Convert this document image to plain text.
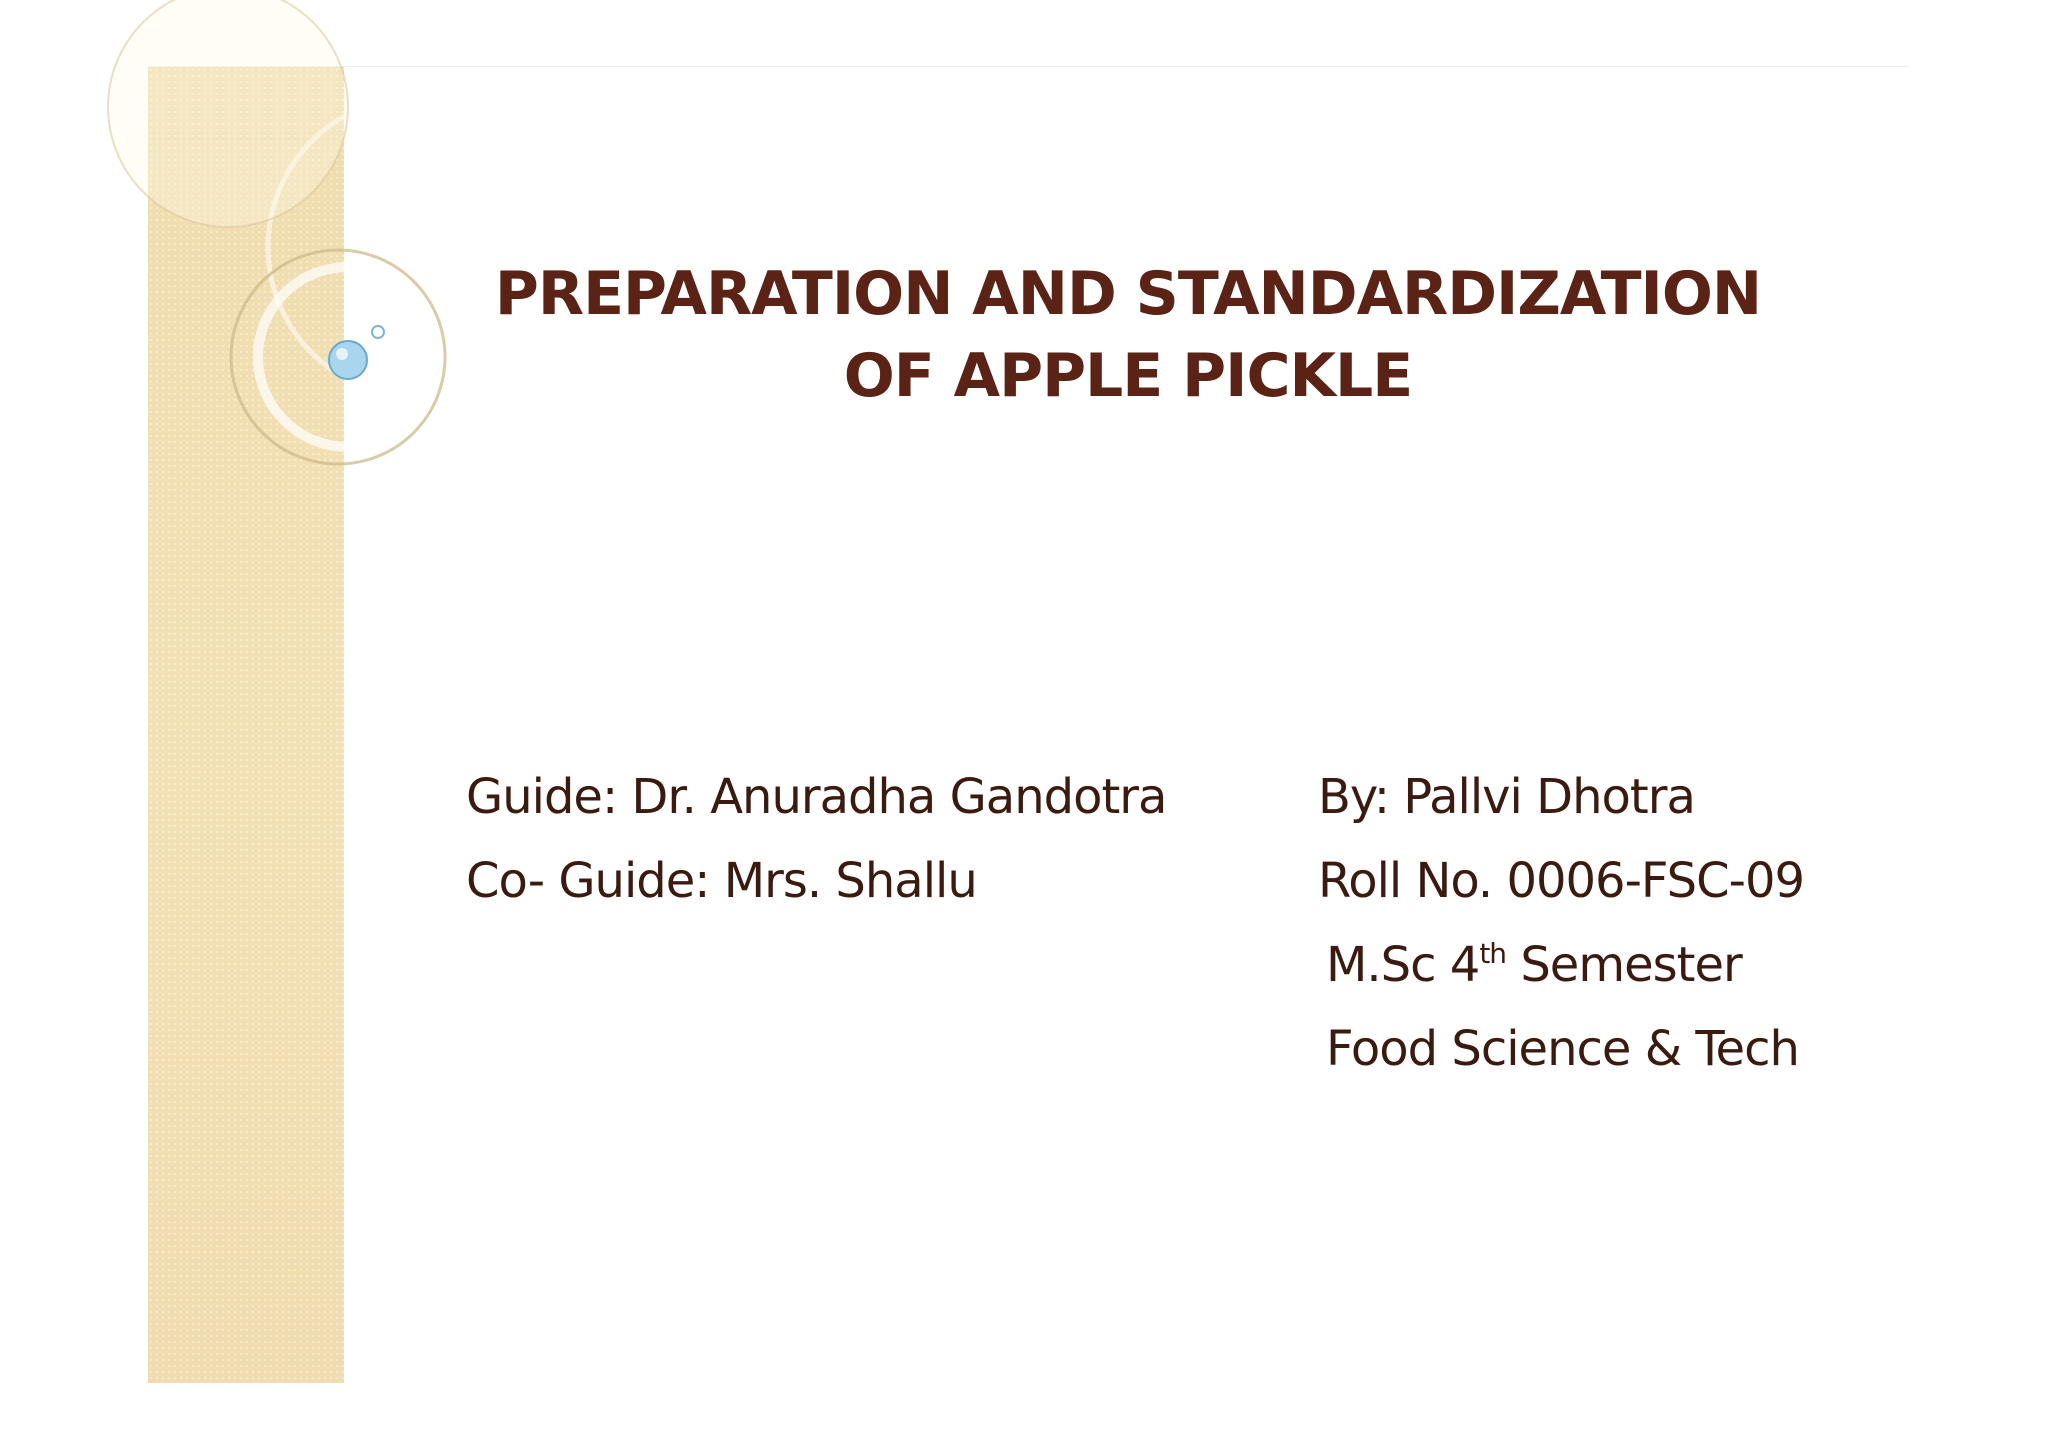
PREPARATION AND STANDARDIZATION
OF APPLE PICKLE
Guide: Dr. Anuradha Gandotra
Co- Guide: Mrs. Shallu
By: Pallvi Dhotra
Roll No. 0006-FSC-09
M.Sc 4th Semester
Food Science & Tech
